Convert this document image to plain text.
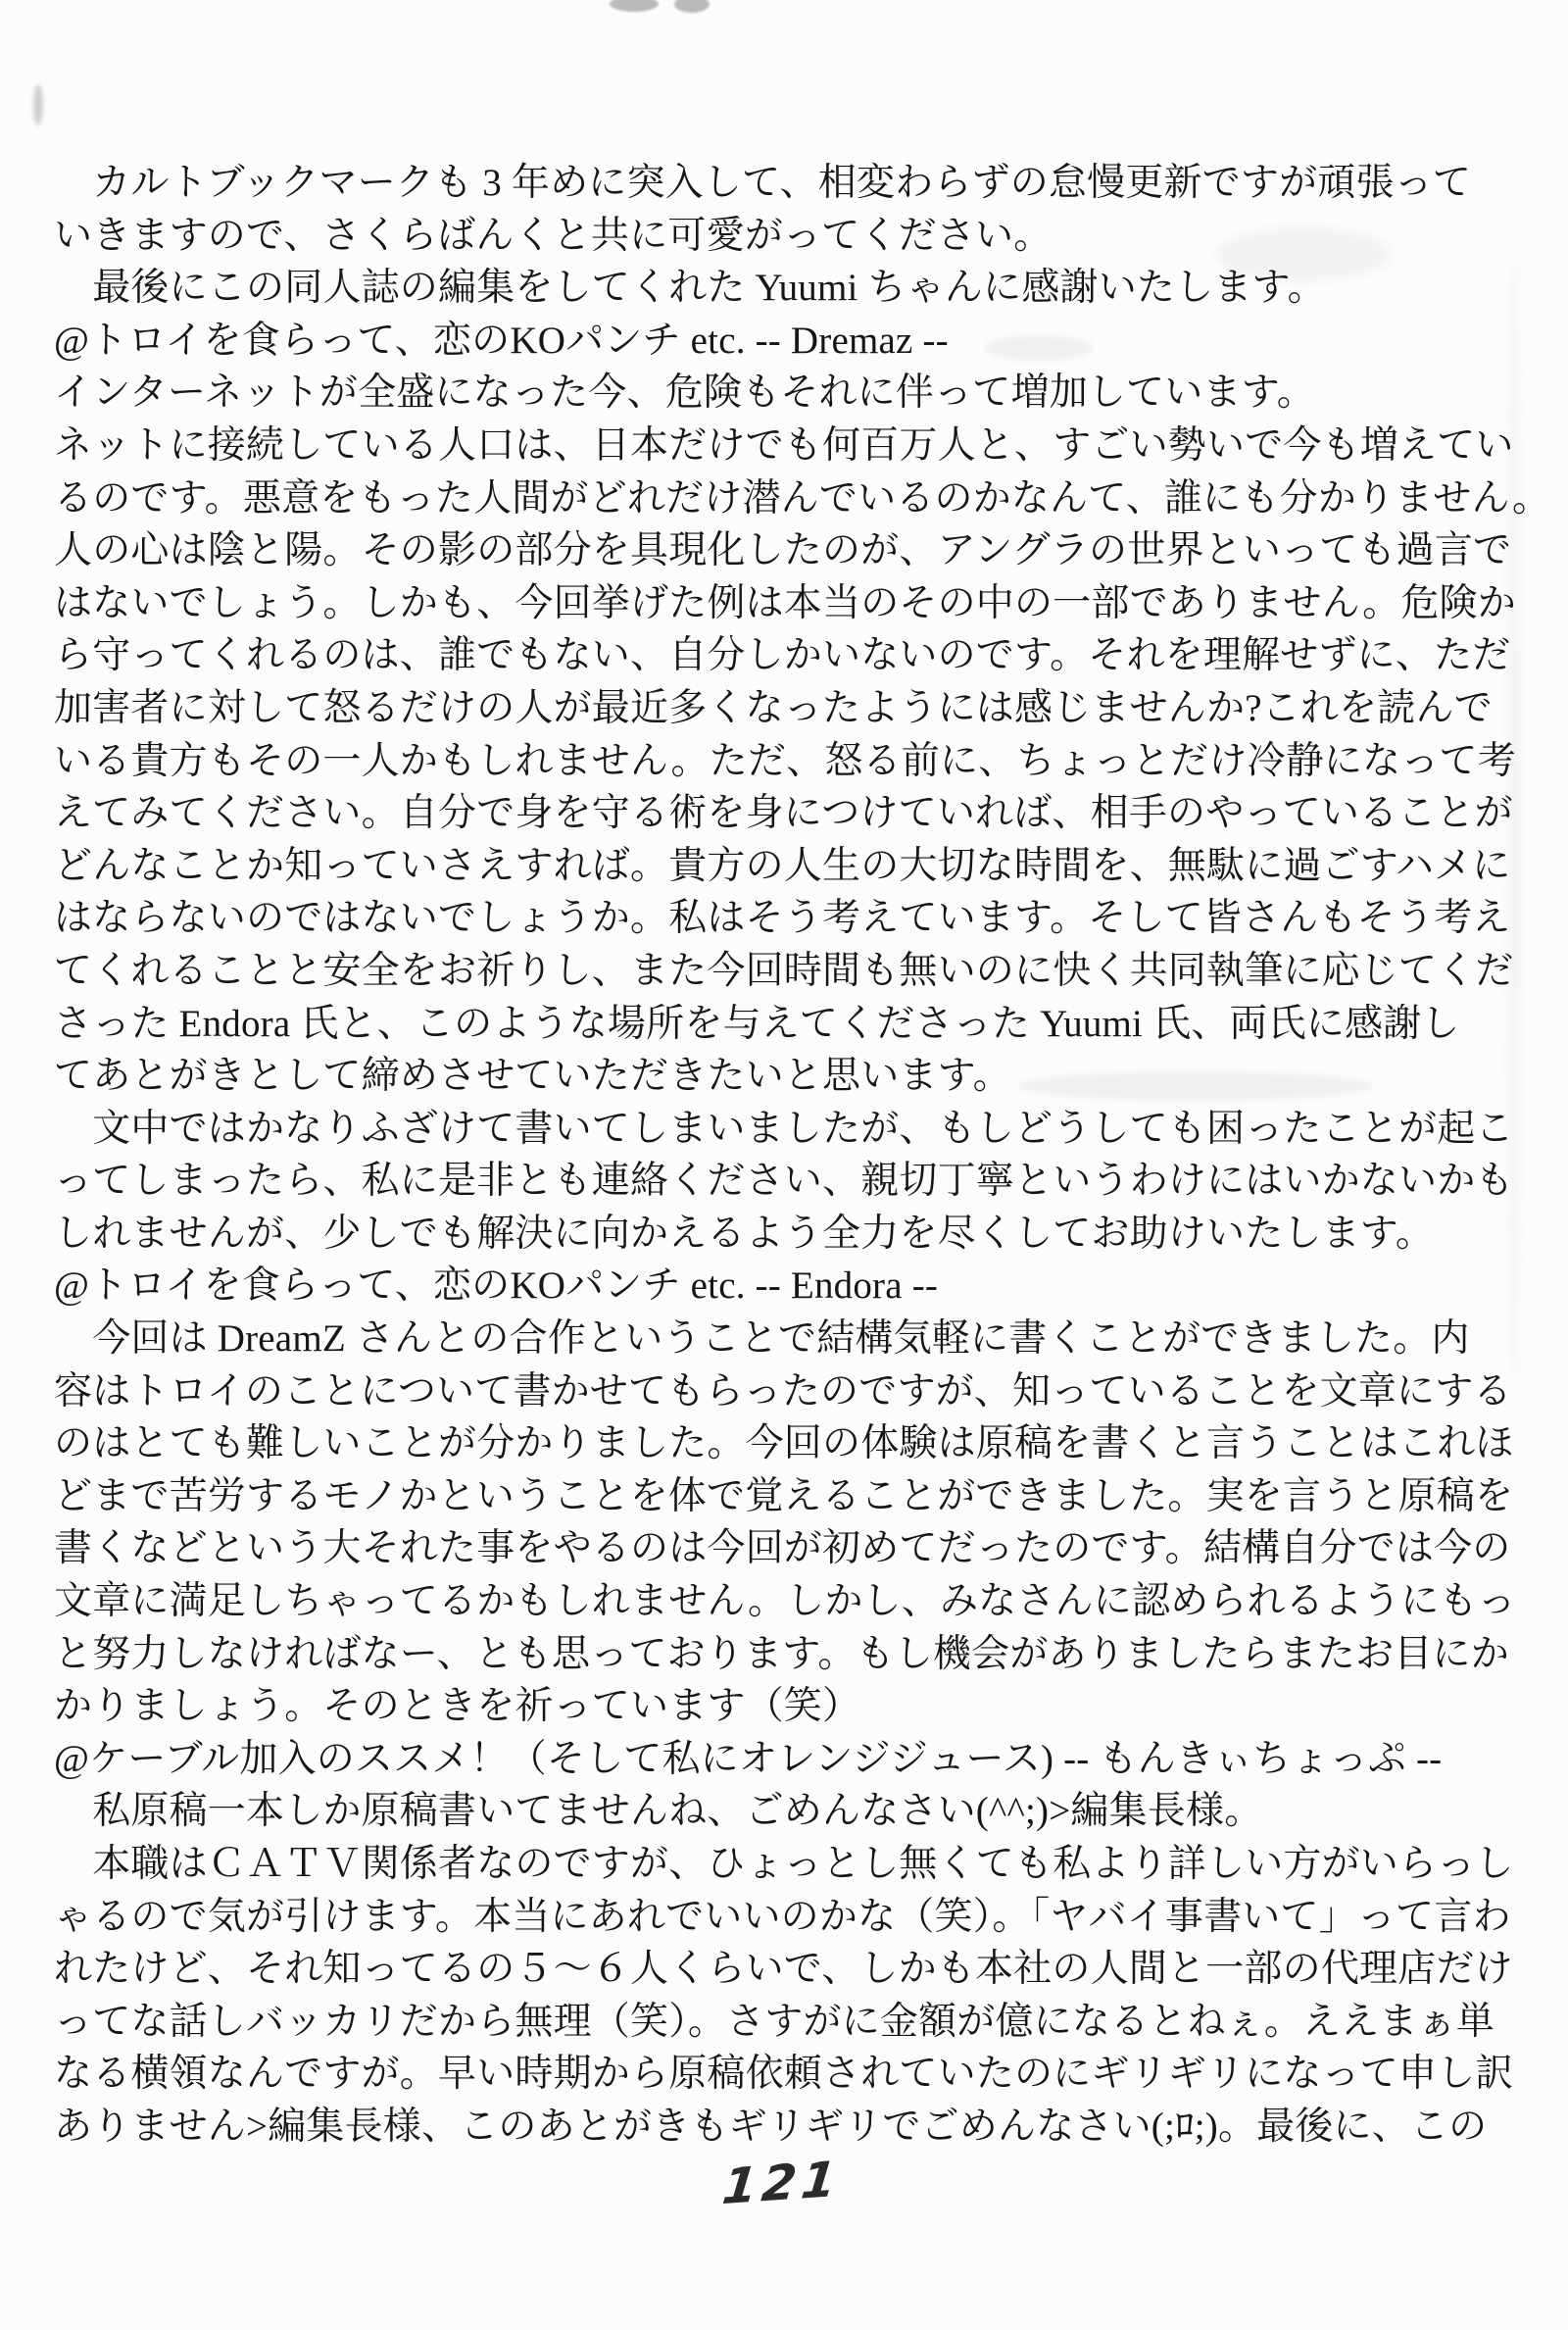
　カルトブックマークも 3 年めに突入して、相変わらずの怠慢更新ですが頑張って
いきますので、さくらばんくと共に可愛がってください。
　最後にこの同人誌の編集をしてくれた Yuumi ちゃんに感謝いたします。
@トロイを食らって、恋のKOパンチ etc. -- Dremaz --
インターネットが全盛になった今、危険もそれに伴って増加しています。
ネットに接続している人口は、日本だけでも何百万人と、すごい勢いで今も増えてい
るのです。悪意をもった人間がどれだけ潜んでいるのかなんて、誰にも分かりません。
人の心は陰と陽。その影の部分を具現化したのが、アングラの世界といっても過言で
はないでしょう。しかも、今回挙げた例は本当のその中の一部でありません。危険か
ら守ってくれるのは、誰でもない、自分しかいないのです。それを理解せずに、ただ
加害者に対して怒るだけの人が最近多くなったようには感じませんか?これを読んで
いる貴方もその一人かもしれません。ただ、怒る前に、ちょっとだけ冷静になって考
えてみてください。自分で身を守る術を身につけていれば、相手のやっていることが
どんなことか知っていさえすれば。貴方の人生の大切な時間を、無駄に過ごすハメに
はならないのではないでしょうか。私はそう考えています。そして皆さんもそう考え
てくれることと安全をお祈りし、また今回時間も無いのに快く共同執筆に応じてくだ
さった Endora 氏と、このような場所を与えてくださった Yuumi 氏、両氏に感謝し
てあとがきとして締めさせていただきたいと思います。
　文中ではかなりふざけて書いてしまいましたが、もしどうしても困ったことが起こ
ってしまったら、私に是非とも連絡ください、親切丁寧というわけにはいかないかも
しれませんが、少しでも解決に向かえるよう全力を尽くしてお助けいたします。
@トロイを食らって、恋のKOパンチ etc. -- Endora --
　今回は DreamZ さんとの合作ということで結構気軽に書くことができました。内
容はトロイのことについて書かせてもらったのですが、知っていることを文章にする
のはとても難しいことが分かりました。今回の体験は原稿を書くと言うことはこれほ
どまで苦労するモノかということを体で覚えることができました。実を言うと原稿を
書くなどという大それた事をやるのは今回が初めてだったのです。結構自分では今の
文章に満足しちゃってるかもしれません。しかし、みなさんに認められるようにもっ
と努力しなければなー、とも思っております。もし機会がありましたらまたお目にか
かりましょう。そのときを祈っています（笑）
@ケーブル加入のススメ！（そして私にオレンジジュース) -- もんきぃちょっぷ --
　私原稿一本しか原稿書いてませんね、ごめんなさい(^^;)>編集長様。
　本職はＣＡＴＶ関係者なのですが、ひょっとし無くても私より詳しい方がいらっし
ゃるので気が引けます。本当にあれでいいのかな（笑）。「ヤバイ事書いて」って言わ
れたけど、それ知ってるの５～６人くらいで、しかも本社の人間と一部の代理店だけ
ってな話しバッカリだから無理（笑）。さすがに金額が億になるとねぇ。ええまぁ単
なる横領なんですが。早い時期から原稿依頼されていたのにギリギリになって申し訳
ありません>編集長様、このあとがきもギリギリでごめんなさい(;ﾛ;)。最後に、この
121
